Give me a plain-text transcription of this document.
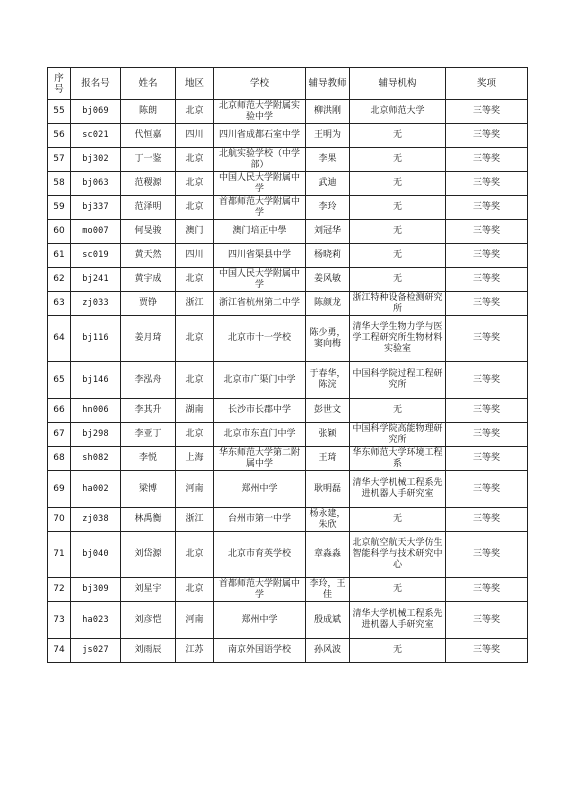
序号	报名号	姓名	地区	学校	辅导教师	辅导机构	奖项
55	bj069	陈朗	北京	北京师范大学附属实验中学	柳洪刚	北京师范大学	三等奖
56	sc021	代恒嘉	四川	四川省成都石室中学	王明为	无	三等奖
57	bj302	丁一鉴	北京	北航实验学校（中学部）	李果	无	三等奖
58	bj063	范稷源	北京	中国人民大学附属中学	武迪	无	三等奖
59	bj337	范泽明	北京	首都师范大学附属中学	李玲	无	三等奖
60	mo007	何旻骏	澳门	澳门培正中學	刘冠华	无	三等奖
61	sc019	黄天然	四川	四川省渠县中学	杨晓莉	无	三等奖
62	bj241	黄宇成	北京	中国人民大学附属中学	姜风敏	无	三等奖
63	zj033	贾铮	浙江	浙江省杭州第二中学	陈颜龙	浙江特种设备检测研究所	三等奖
64	bj116	姜月琦	北京	北京市十一学校	陈少勇，窦向梅	清华大学生物力学与医学工程研究所生物材料实验室	三等奖
65	bj146	李泓舟	北京	北京市广渠门中学	于春华，陈浣	中国科学院过程工程研究所	三等奖
66	hn006	李其升	湖南	长沙市长郡中学	彭世文	无	三等奖
67	bj298	李亚丁	北京	北京市东直门中学	张颖	中国科学院高能物理研究所	三等奖
68	sh082	李悦	上海	华东师范大学第二附属中学	王琦	华东师范大学环境工程系	三等奖
69	ha002	梁博	河南	郑州中学	耿明磊	清华大学机械工程系先进机器人手研究室	三等奖
70	zj038	林禹衡	浙江	台州市第一中学	杨永建，朱欣	无	三等奖
71	bj040	刘岱源	北京	北京市育英学校	章淼淼	北京航空航天大学仿生智能科学与技术研究中心	三等奖
72	bj309	刘星宇	北京	首都师范大学附属中学	李玲，王佳	无	三等奖
73	ha023	刘彦恺	河南	郑州中学	殷成斌	清华大学机械工程系先进机器人手研究室	三等奖
74	js027	刘雨辰	江苏	南京外国语学校	孙风波	无	三等奖
